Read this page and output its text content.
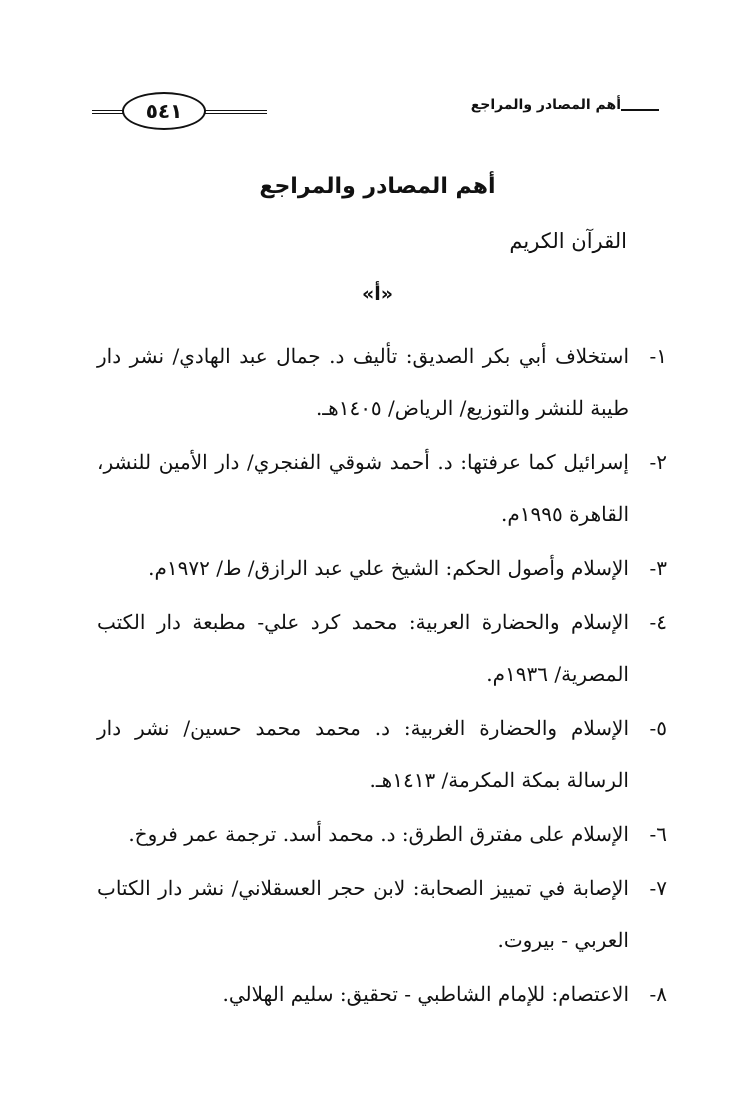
أهم المصادر والمراجع
٥٤١
أهم المصادر والمراجع
القرآن الكريم
«أ»
١-
استخلاف أبي بكر الصديق: تأليف د. جمال عبد الهادي/ نشر دار طيبة للنشر والتوزيع/ الرياض/ ١٤٠٥هـ.
٢-
إسرائيل كما عرفتها: د. أحمد شوقي الفنجري/ دار الأمين للنشر، القاهرة ١٩٩٥م.
٣-
الإسلام وأصول الحكم: الشيخ علي عبد الرازق/ ط/ ١٩٧٢م.
٤-
الإسلام والحضارة العربية: محمد كرد علي- مطبعة دار الكتب المصرية/ ١٩٣٦م.
٥-
الإسلام والحضارة الغربية: د. محمد محمد حسين/ نشر دار الرسالة بمكة المكرمة/ ١٤١٣هـ.
٦-
الإسلام على مفترق الطرق: د. محمد أسد. ترجمة عمر فروخ.
٧-
الإصابة في تمييز الصحابة: لابن حجر العسقلاني/ نشر دار الكتاب العربي - بيروت.
٨-
الاعتصام: للإمام الشاطبي - تحقيق: سليم الهلالي.
